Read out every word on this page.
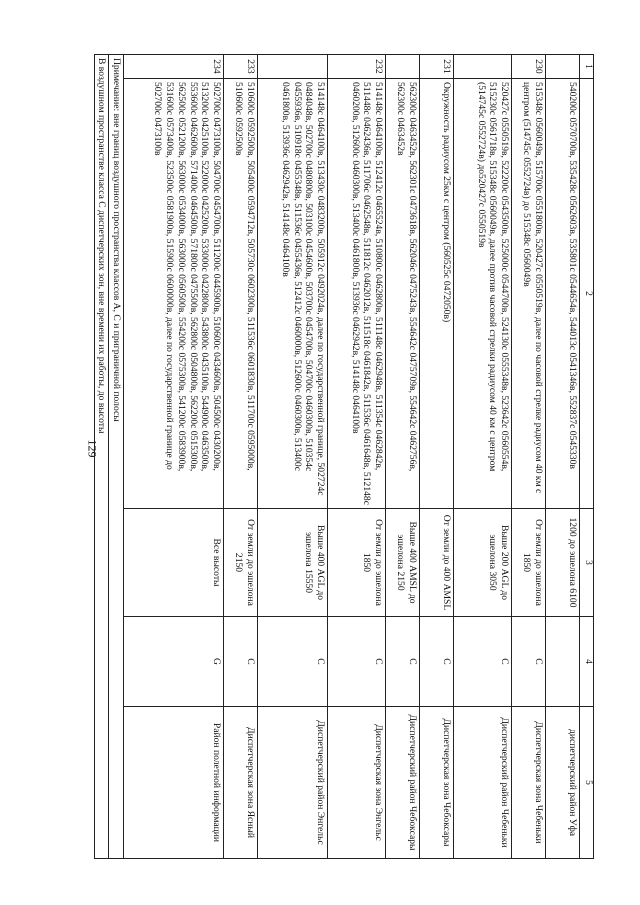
129
1	2	3	4	5
	540200c 0570700в, 535428с 0562603в, 535801с 0544654в, 544013с 0541346в, 552837с 0545330в	1200 до эшелона 6100		диспетчерский район Уфа
230	515348с 0560049в, 515700с 0551800в, 520427с 0550519в, далее по часовой стрелке радиусом 40 км с центром (514745с 0552724в) до 515348с 0560049в	От земли до эшелона 1850	C	Диспетчерская зона Чебеньки
	520427с 0550519в, 522200с 0543500в, 525000с 0544700в, 524130с 0555348в, 523642с 0560554в, 515230с 0561718в, 515348с 0560049в, далее против часовой стрелки радиусом 40 км с центром (514745с 0552724в) до520427с 0550519в	Выше 200 AGL до эшелона 3050	C	Диспетчерский район Чебеньки
231	Окружность радиусом 25км с центром (560525с 0472050в)	От земли до 400 AMSL	C	Диспетчерская зона Чебоксары
	562300с 0463452в, 562301с 0473618в, 562046с 0475243в, 554642с 0475709в, 554642с 0462756в, 562300с 0463452в	Выше 400 AMSL до эшелона 2150	C	Диспетчерский район Чебоксары
232	514148с 0464100в, 512412с 0465524в, 510800с 0462800в, 511148с 0462948в, 511354с 0462842в, 511448с 0462436в, 511706с 0462548в, 511812с 0462012в, 511518с 0461842в, 511536с 0461648в, 512148с 0460200в, 512600с 0460300в, 513400с 0461800в, 513936с 0462942в, 514148с 0464100в	От земли до эшелона 1850	C	Диспетчерская зона Энгельс
	514148с 0464100в, 513430с 0483200в, 505912с 0492024в, далее по государственной границе, 502724с 0484048в, 502700с 0480800в, 503100с 0454600в, 503700с 0454700в, 504700с 0460300в, 510354с 0455936в, 510918с 0455348в, 511536с 0455436в, 512412с 0460000в, 512600с 0460300в, 513400с 0461800в, 513936с 0462942в, 514148с 0464100в	Выше 400 AGL до эшелона 15550	C	Диспетчерский район Энгельс
233	510600с 0592500в, 505400с 0594712в, 505730с 0602300в, 511536с 0601830в, 511700с 0595000в, 510600с 0592500в	От земли до эшелона 2150	C	Диспетчерская зона Ясный
234	502700с 0473100в, 504700с 0454700в, 511200с 0445900в, 510600с 0434600в, 504500с 0430200в, 513200с 0425100в, 522000с 0425200в, 533000с 0422800в, 543800с 0435100в, 544900с 0463500в, 553600с 0462600в, 571400с 0464500в, 571800с 0475500в, 562800с 0504800в, 562200с 0515300в, 562500с 0521200в, 563000с 0534000в, 563000с 0560500в, 554200с 0575300в, 541200с 0583900в, 531600с 0573400в, 523500с 0581900в, 515900с 0600000в, далее по государственной границе до 502700с 0473100в	Все высоты	G	Район полетной информации
Примечание: вне границ воздушного пространства классов А, С и приграничной полосы				
В воздушном пространстве класса С диспетчерских зон, вне времени их работы, до высоты				
